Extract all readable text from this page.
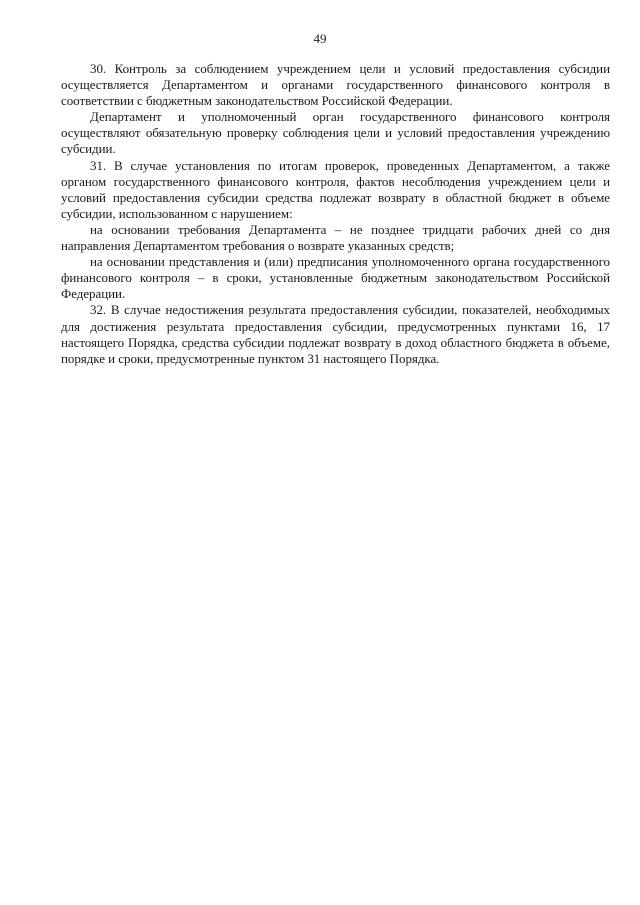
49

30. Контроль за соблюдением учреждением цели и условий предоставления субсидии осуществляется Департаментом и органами государственного финансового контроля в соответствии с бюджетным законодательством Российской Федерации.

Департамент и уполномоченный орган государственного финансового контроля осуществляют обязательную проверку соблюдения цели и условий предоставления учреждению субсидии.

31. В случае установления по итогам проверок, проведенных Департаментом, а также органом государственного финансового контроля, фактов несоблюдения учреждением цели и условий предоставления субсидии средства подлежат возврату в областной бюджет в объеме субсидии, использованном с нарушением:

на основании требования Департамента – не позднее тридцати рабочих дней со дня направления Департаментом требования о возврате указанных средств;

на основании представления и (или) предписания уполномоченного органа государственного финансового контроля – в сроки, установленные бюджетным законодательством Российской Федерации.

32. В случае недостижения результата предоставления субсидии, показателей, необходимых для достижения результата предоставления субсидии, предусмотренных пунктами 16, 17 настоящего Порядка, средства субсидии подлежат возврату в доход областного бюджета в объеме, порядке и сроки, предусмотренные пунктом 31 настоящего Порядка.
